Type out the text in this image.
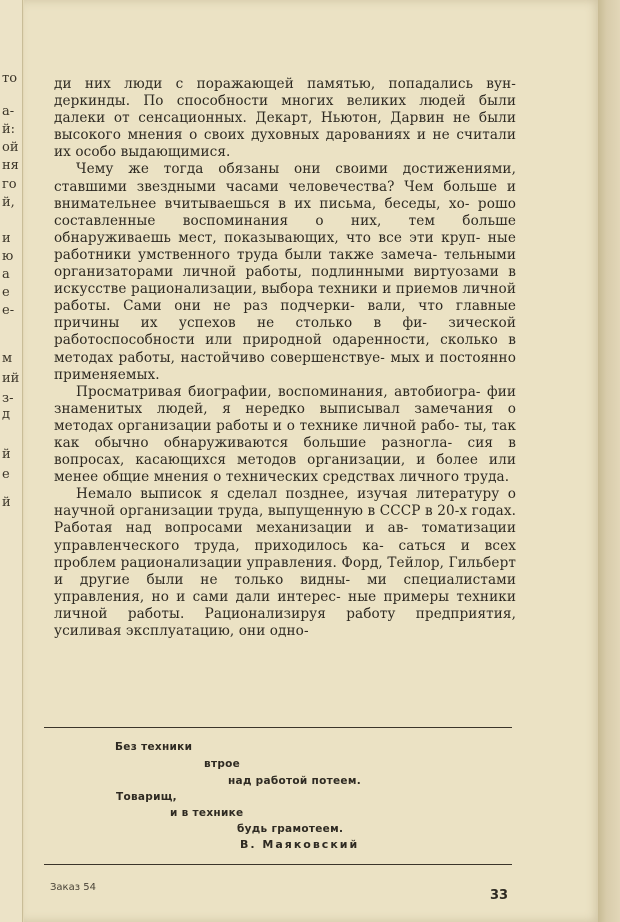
то
а-
й:
ой
ня
го
й,
и
ю
а
е
е-
м
ий
з-
д
й
е
й

ди них люди с поражающей памятью, попадались вун- деркинды. По способности многих великих людей были далеки от сенсационных. Декарт, Ньютон, Дарвин не были высокого мнения о своих духовных дарованиях и не считали их особо выдающимися.

Чему же тогда обязаны они своими достижениями, ставшими звездными часами человечества? Чем больше и внимательнее вчитываешься в их письма, беседы, хо- рошо составленные воспоминания о них, тем больше обнаруживаешь мест, показывающих, что все эти круп- ные работники умственного труда были также замеча- тельными организаторами личной работы, подлинными виртуозами в искусстве рационализации, выбора техники и приемов личной работы. Сами они не раз подчерки- вали, что главные причины их успехов не столько в фи- зической работоспособности или природной одаренности, сколько в методах работы, настойчиво совершенствуе- мых и постоянно применяемых.

Просматривая биографии, воспоминания, автобиогра- фии знаменитых людей, я нередко выписывал замечания о методах организации работы и о технике личной рабо- ты, так как обычно обнаруживаются большие разногла- сия в вопросах, касающихся методов организации, и более или менее общие мнения о технических средствах личного труда.

Немало выписок я сделал позднее, изучая литературу о научной организации труда, выпущенную в СССР в 20-х годах. Работая над вопросами механизации и ав- томатизации управленческого труда, приходилось ка- саться и всех проблем рационализации управления. Форд, Тейлор, Гильберт и другие были не только видны- ми специалистами управления, но и сами дали интерес- ные примеры техники личной работы. Рационализируя работу предприятия, усиливая эксплуатацию, они одно-

Без техники
втрое
над работой потеем.
Товарищ,
и в технике
будь грамотеем.
В. Маяковский
Заказ 54
33
